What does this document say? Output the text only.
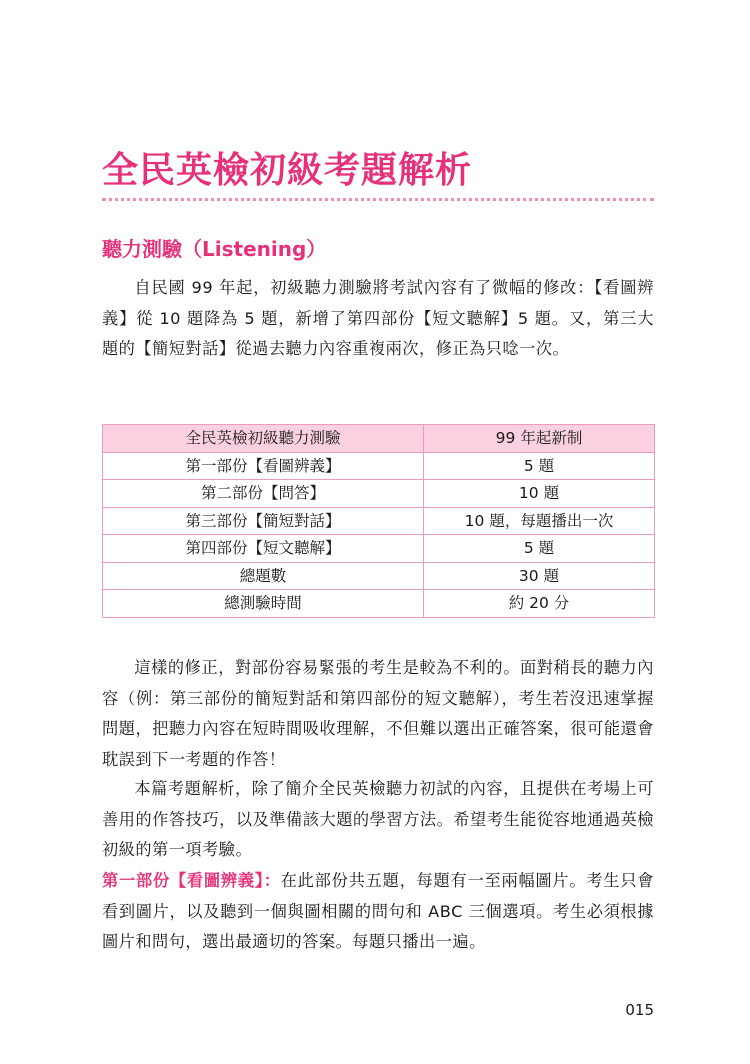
全民英檢初級考題解析
聽力測驗（Listening）

自民國 99 年起，初級聽力測驗將考試內容有了微幅的修改：【看圖辨義】從 10 題降為 5 題，新增了第四部份【短文聽解】5 題。又，第三大題的【簡短對話】從過去聽力內容重複兩次，修正為只唸一次。

全民英檢初級聽力測驗	99 年起新制
第一部份【看圖辨義】	5 題
第二部份【問答】	10 題
第三部份【簡短對話】	10 題，每題播出一次
第四部份【短文聽解】	5 題
總題數	30 題
總測驗時間	約 20 分

這樣的修正，對部份容易緊張的考生是較為不利的。面對稍長的聽力內容（例：第三部份的簡短對話和第四部份的短文聽解），考生若沒迅速掌握問題，把聽力內容在短時間吸收理解，不但難以選出正確答案，很可能還會耽誤到下一考題的作答！

本篇考題解析，除了簡介全民英檢聽力初試的內容，且提供在考場上可善用的作答技巧，以及準備該大題的學習方法。希望考生能從容地通過英檢初級的第一項考驗。

第一部份【看圖辨義】：在此部份共五題，每題有一至兩幅圖片。考生只會看到圖片，以及聽到一個與圖相關的問句和 ABC 三個選項。考生必須根據圖片和問句，選出最適切的答案。每題只播出一遍。

015
